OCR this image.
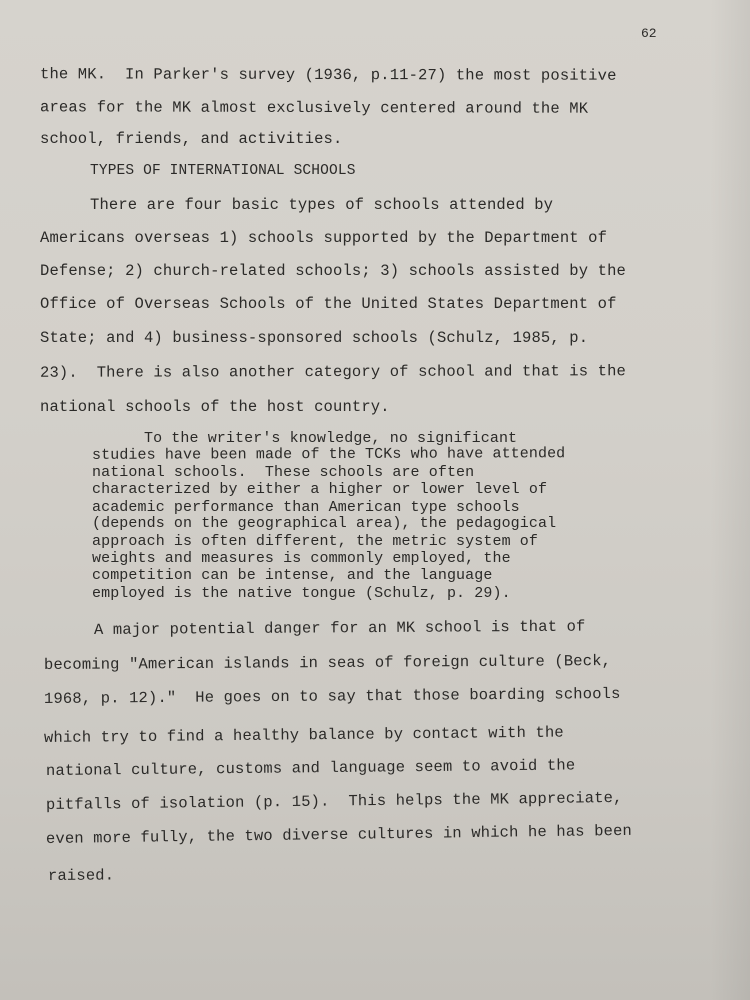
62
the MK.  In Parker's survey (1936, p.11-27) the most positive
areas for the MK almost exclusively centered around the MK
school, friends, and activities.
TYPES OF INTERNATIONAL SCHOOLS
There are four basic types of schools attended by
Americans overseas 1) schools supported by the Department of
Defense; 2) church-related schools; 3) schools assisted by the
Office of Overseas Schools of the United States Department of
State; and 4) business-sponsored schools (Schulz, 1985, p.
23).  There is also another category of school and that is the
national schools of the host country.
To the writer's knowledge, no significant
studies have been made of the TCKs who have attended
national schools.  These schools are often
characterized by either a higher or lower level of
academic performance than American type schools
(depends on the geographical area), the pedagogical
approach is often different, the metric system of
weights and measures is commonly employed, the
competition can be intense, and the language
employed is the native tongue (Schulz, p. 29).
A major potential danger for an MK school is that of
becoming "American islands in seas of foreign culture (Beck,
1968, p. 12)."  He goes on to say that those boarding schools
which try to find a healthy balance by contact with the
national culture, customs and language seem to avoid the
pitfalls of isolation (p. 15).  This helps the MK appreciate,
even more fully, the two diverse cultures in which he has been
raised.
